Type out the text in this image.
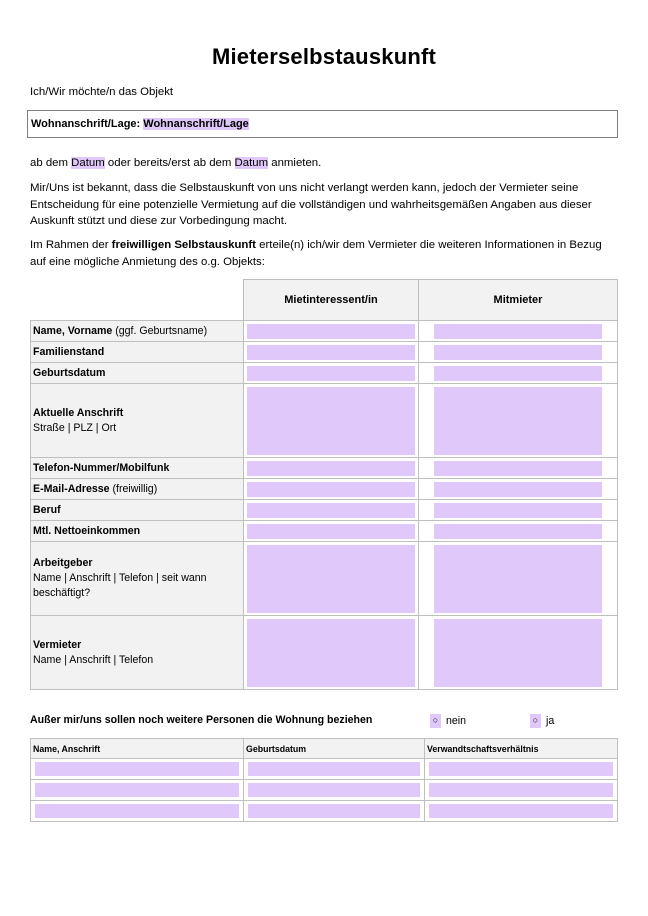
Mieterselbstauskunft
Ich/Wir möchte/n das Objekt
Wohnanschrift/Lage: Wohnanschrift/Lage
ab dem Datum oder bereits/erst ab dem Datum anmieten.
Mir/Uns ist bekannt, dass die Selbstauskunft von uns nicht verlangt werden kann, jedoch der Vermieter seine Entscheidung für eine potenzielle Vermietung auf die vollständigen und wahrheitsgemäßen Angaben aus dieser Auskunft stützt und diese zur Vorbedingung macht.
Im Rahmen der freiwilligen Selbstauskunft erteile(n) ich/wir dem Vermieter die weiteren Informationen in Bezug auf eine mögliche Anmietung des o.g. Objekts:
	Mietinteressent/in	Mitmieter
Name, Vorname (ggf. Geburtsname)	

Familienstand	

Geburtsdatum	

Aktuelle Anschrift
Straße | PLZ | Ort	

Telefon-Nummer/Mobilfunk	

E-Mail-Adresse (freiwillig)	

Beruf	

Mtl. Nettoeinkommen	

Arbeitgeber
Name | Anschrift | Telefon | seit wann beschäftigt?	

Vermieter
Name | Anschrift | Telefon	

Außer mir/uns sollen noch weitere Personen die Wohnung beziehen	○ nein	○ ja
Name, Anschrift	Geburtsdatum	Verwandtschaftsverhältnis
